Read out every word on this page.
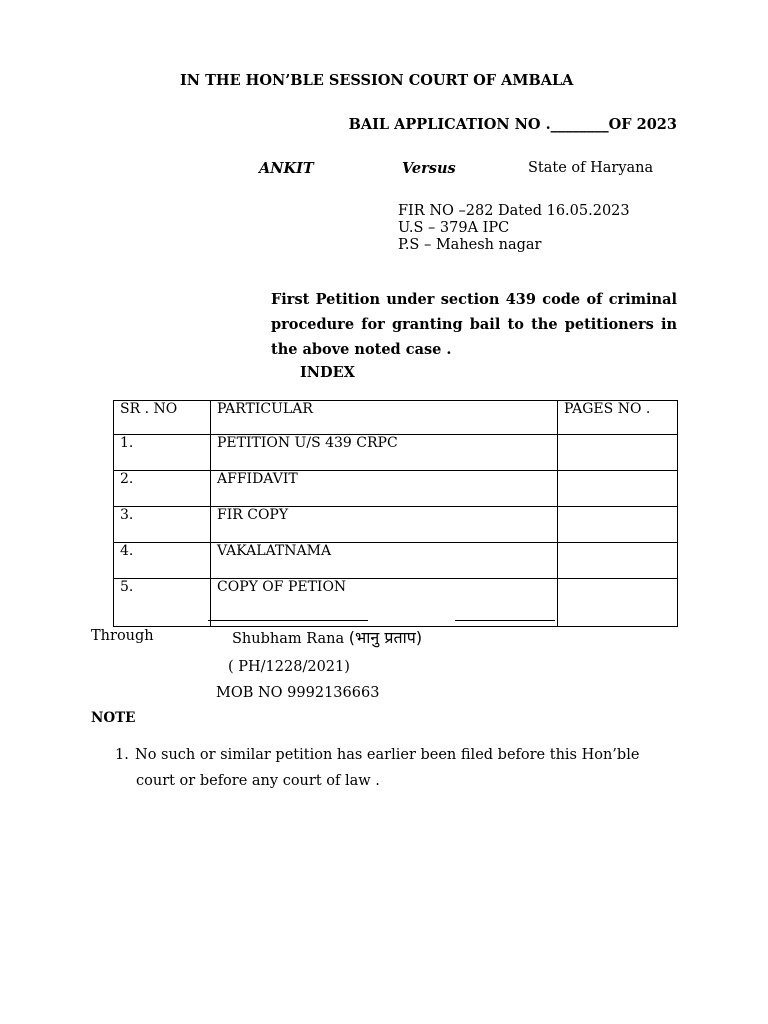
IN THE HON’BLE SESSION COURT OF AMBALA
BAIL APPLICATION NO .________OF 2023
ANKIT	Versus	State of Haryana
FIR NO –282 Dated 16.05.2023
U.S – 379A IPC
P.S – Mahesh nagar
First Petition under section 439 code of criminal procedure for granting bail to the petitioners in the above noted case .
INDEX
SR . NO	PARTICULAR	PAGES NO .
1.	PETITION U/S 439 CRPC	
2.	AFFIDAVIT	
3.	FIR COPY	
4.	VAKALATNAMA	
5.	COPY OF PETION	
Through	Shubham Rana (भानु प्रताप)
( PH/1228/2021)
MOB NO 9992136663
NOTE
1. No such or similar petition has earlier been filed before this Hon’ble
court or before any court of law .
